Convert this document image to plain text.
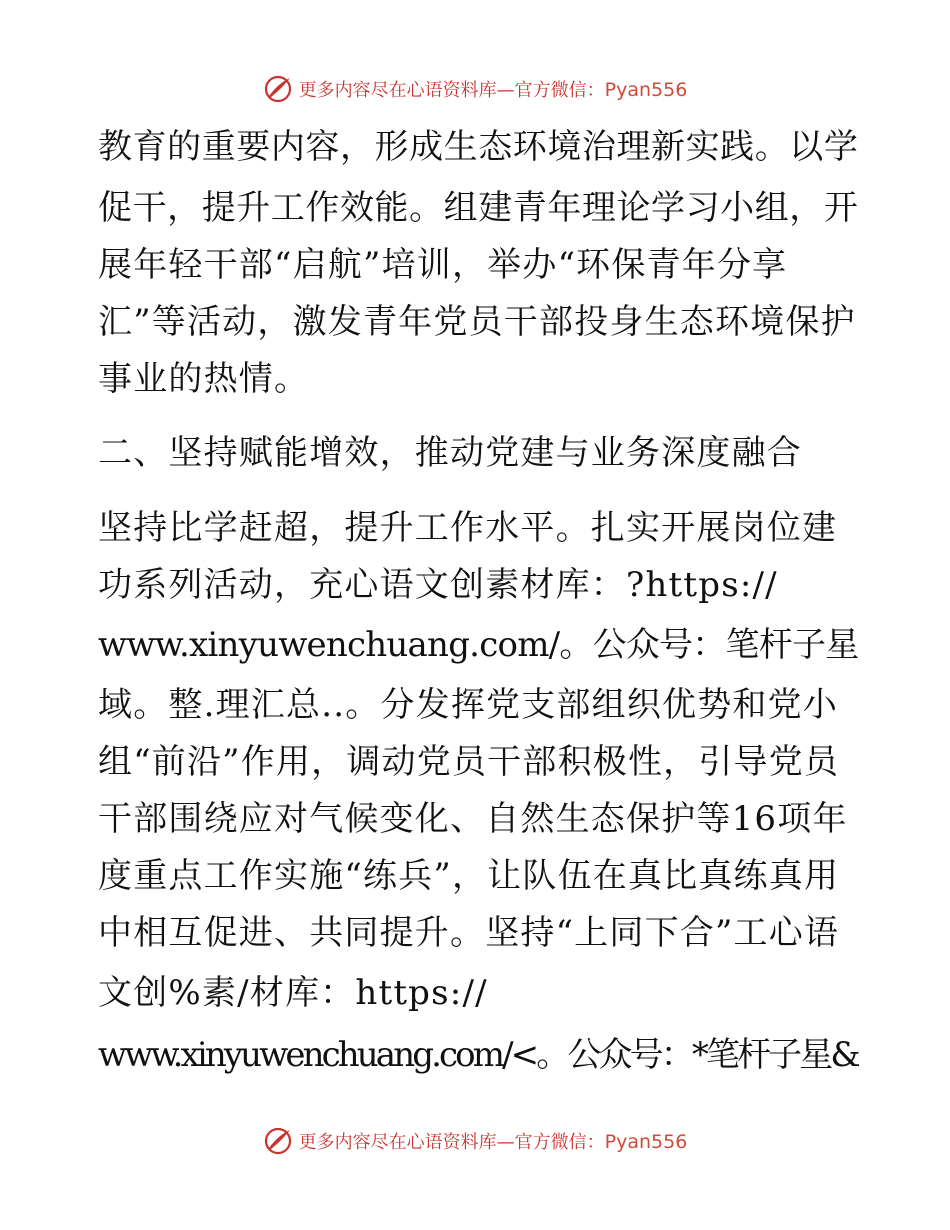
更多内容尽在心语资料库—官方微信：Pyan556
教育的重要内容，形成生态环境治理新实践。以学
促干，提升工作效能。组建青年理论学习小组，开
展年轻干部“启航”培训，举办“环保青年分享
汇”等活动，激发青年党员干部投身生态环境保护
事业的热情。
二、坚持赋能增效，推动党建与业务深度融合
坚持比学赶超，提升工作水平。扎实开展岗位建
功系列活动，充心语文创素材库：?https://
www.xinyuwenchuang.com/。公众号：笔杆子星
域。整.理汇总..。分发挥党支部组织优势和党小
组“前沿”作用，调动党员干部积极性，引导党员
干部围绕应对气候变化、自然生态保护等16项年
度重点工作实施“练兵”，让队伍在真比真练真用
中相互促进、共同提升。坚持“上同下合”工心语
文创%素/材库：https://
www.xinyuwenchuang.com/<。公众号：*笔杆子星&
更多内容尽在心语资料库—官方微信：Pyan556
